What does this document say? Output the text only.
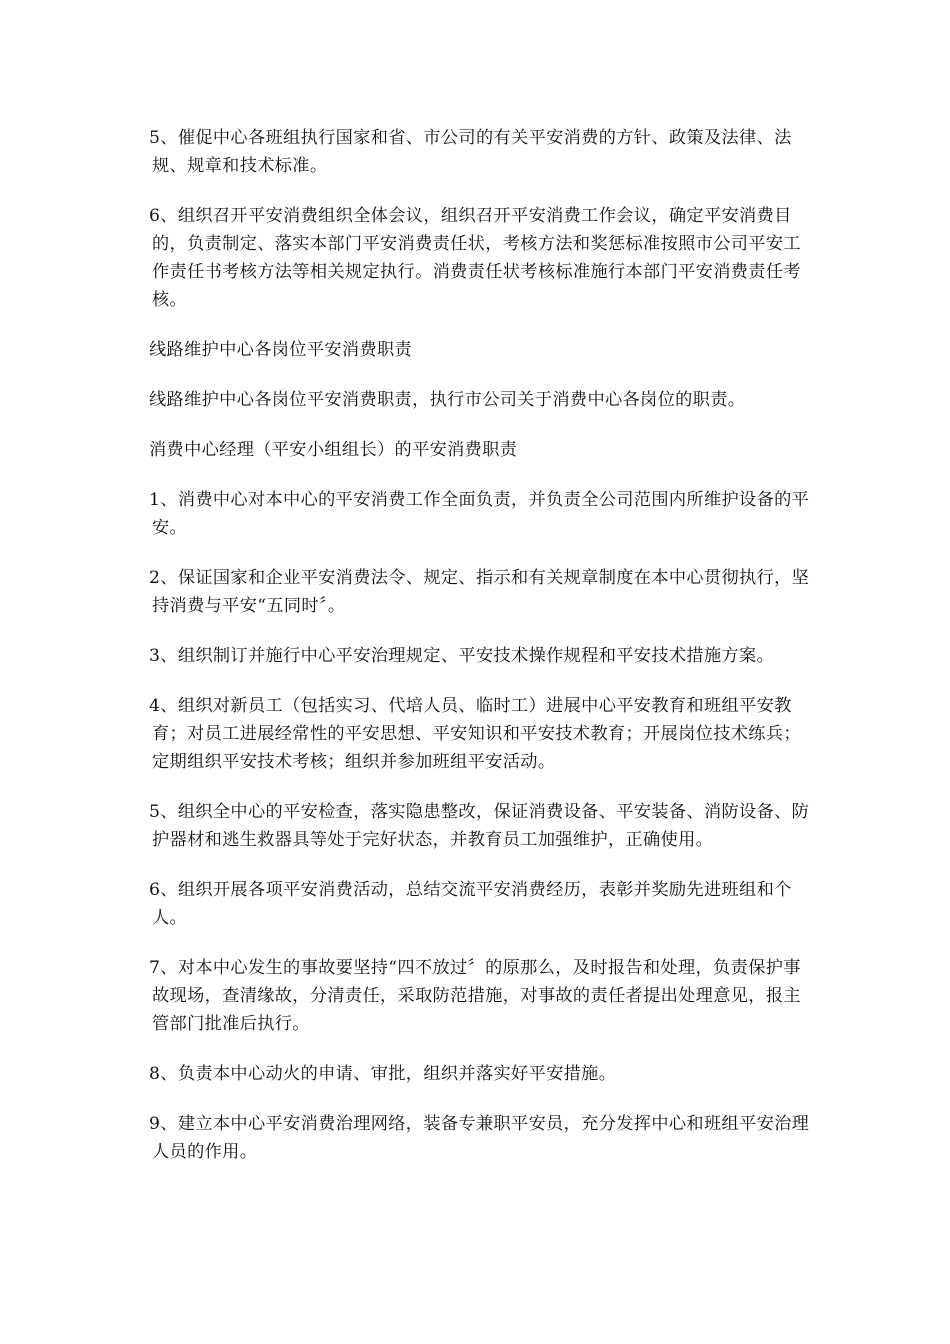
5、催促中心各班组执行国家和省、市公司的有关平安消费的方针、政策及法律、法规、规章和技术标准。

6、组织召开平安消费组织全体会议，组织召开平安消费工作会议，确定平安消费目的，负责制定、落实本部门平安消费责任状，考核方法和奖惩标准按照市公司平安工作责任书考核方法等相关规定执行。消费责任状考核标准施行本部门平安消费责任考核。

线路维护中心各岗位平安消费职责

线路维护中心各岗位平安消费职责，执行市公司关于消费中心各岗位的职责。

消费中心经理（平安小组组长）的平安消费职责

1、消费中心对本中心的平安消费工作全面负责，并负责全公司范围内所维护设备的平安。

2、保证国家和企业平安消费法令、规定、指示和有关规章制度在本中心贯彻执行，坚持消费与平安“五同时〞。

3、组织制订并施行中心平安治理规定、平安技术操作规程和平安技术措施方案。

4、组织对新员工（包括实习、代培人员、临时工）进展中心平安教育和班组平安教育；对员工进展经常性的平安思想、平安知识和平安技术教育；开展岗位技术练兵；定期组织平安技术考核；组织并参加班组平安活动。

5、组织全中心的平安检查，落实隐患整改，保证消费设备、平安装备、消防设备、防护器材和逃生救器具等处于完好状态，并教育员工加强维护，正确使用。

6、组织开展各项平安消费活动，总结交流平安消费经历，表彰并奖励先进班组和个人。

7、对本中心发生的事故要坚持“四不放过〞的原那么，及时报告和处理，负责保护事故现场，查清缘故，分清责任，采取防范措施，对事故的责任者提出处理意见，报主管部门批准后执行。

8、负责本中心动火的申请、审批，组织并落实好平安措施。

9、建立本中心平安消费治理网络，装备专兼职平安员，充分发挥中心和班组平安治理人员的作用。
